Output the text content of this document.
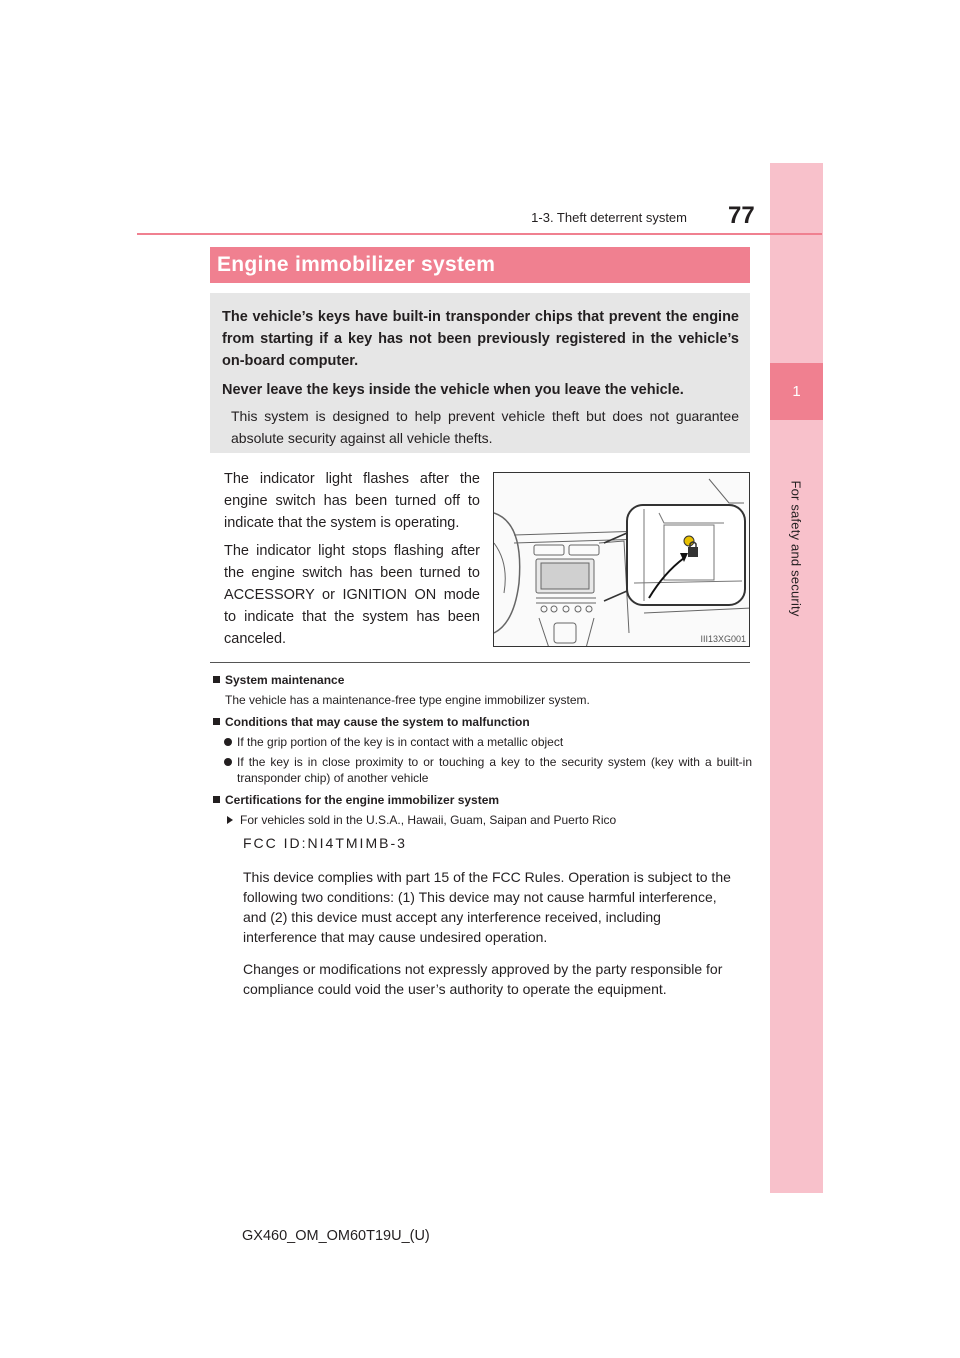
1
For safety and security
1-3. Theft deterrent system 77
Engine immobilizer system

The vehicle’s keys have built-in transponder chips that prevent the engine from starting if a key has not been previously registered in the vehicle’s on-board computer.

Never leave the keys inside the vehicle when you leave the vehicle.

This system is designed to help prevent vehicle theft but does not guarantee absolute security against all vehicle thefts.

The indicator light flashes after the engine switch has been turned off to indicate that the system is operating.

The indicator light stops flashing after the engine switch has been turned to ACCESSORY or IGNITION ON mode to indicate that the system has been canceled.	III13XG001
System maintenance
The vehicle has a maintenance-free type engine immobilizer system.
Conditions that may cause the system to malfunction
If the grip portion of the key is in contact with a metallic object
If the key is in close proximity to or touching a key to the security system (key with a built-in transponder chip) of another vehicle
Certifications for the engine immobilizer system
For vehicles sold in the U.S.A., Hawaii, Guam, Saipan and Puerto Rico
FCC ID:NI4TMIMB-3

This device complies with part 15 of the FCC Rules. Operation is subject to the following two conditions: (1) This device may not cause harmful interference, and (2) this device must accept any interference received, including interference that may cause undesired operation.

Changes or modifications not expressly approved by the party responsible for compliance could void the user’s authority to operate the equipment.

GX460_OM_OM60T19U_(U)
